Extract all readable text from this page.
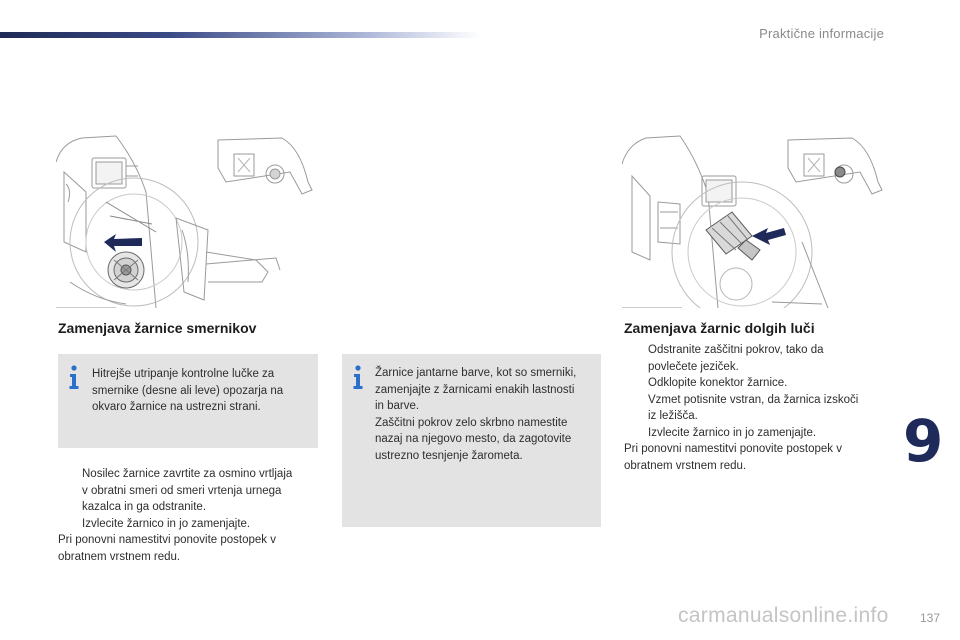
Praktične informacije
Zamenjava žarnice smernikov
Hitrejše utripanje kontrolne lučke za
smernike (desne ali leve) opozarja na
okvaro žarnice na ustrezni strani.
Nosilec žarnice zavrtite za osmino vrtljaja
v obratni smeri od smeri vrtenja urnega
kazalca in ga odstranite.
Izvlecite žarnico in jo zamenjajte.
Pri ponovni namestitvi ponovite postopek v
obratnem vrstnem redu.
Žarnice jantarne barve, kot so smerniki,
zamenjajte z žarnicami enakih lastnosti
in barve.
Zaščitni pokrov zelo skrbno namestite
nazaj na njegovo mesto, da zagotovite
ustrezno tesnjenje žarometa.
Zamenjava žarnic dolgih luči
Odstranite zaščitni pokrov, tako da
povlečete jeziček.
Odklopite konektor žarnice.
Vzmet potisnite vstran, da žarnica izskoči
iz ležišča.
Izvlecite žarnico in jo zamenjajte.
Pri ponovni namestitvi ponovite postopek v
obratnem vrstnem redu.	9
carmanualsonline.info	137
